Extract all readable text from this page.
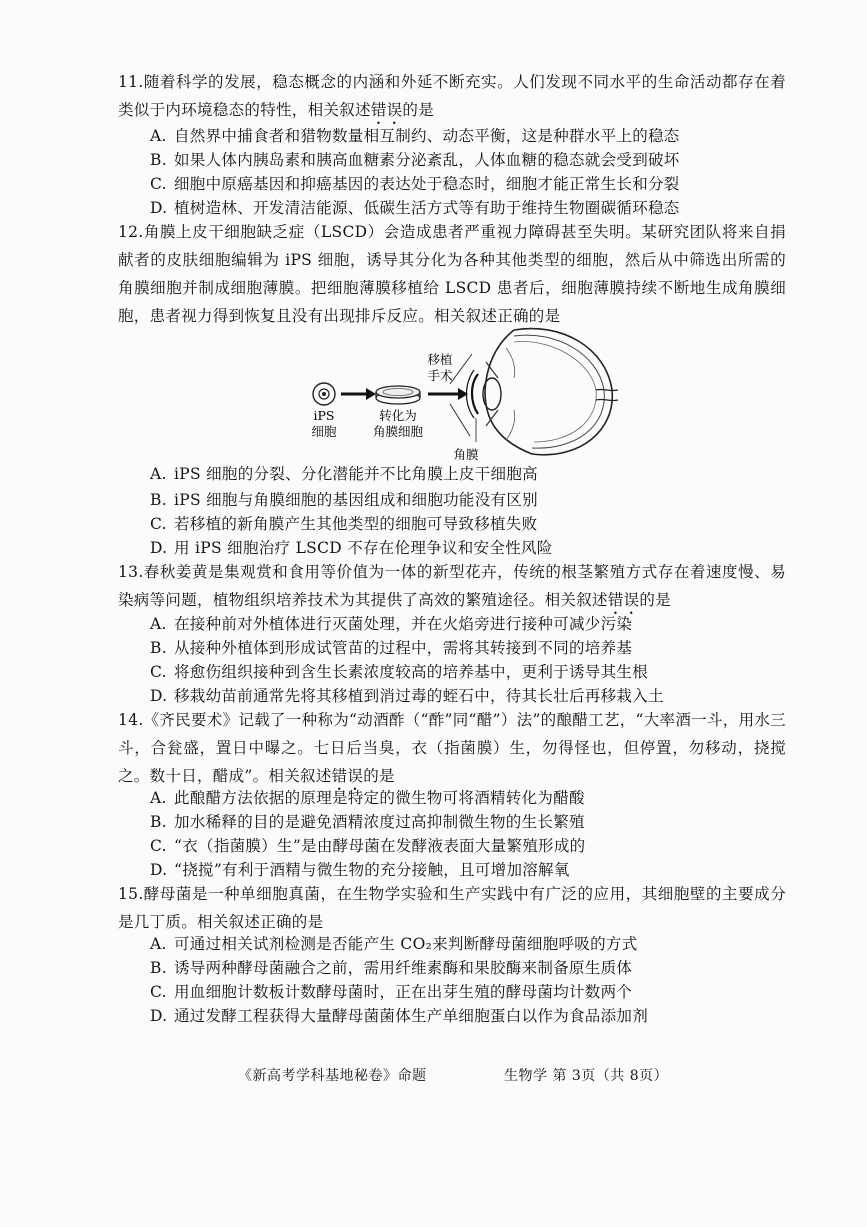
11.随着科学的发展，稳态概念的内涵和外延不断充实。人们发现不同水平的生命活动都存在着类似于内环境稳态的特性，相关叙述错误的是
A. 自然界中捕食者和猎物数量相互制约、动态平衡，这是种群水平上的稳态
B. 如果人体内胰岛素和胰高血糖素分泌紊乱，人体血糖的稳态就会受到破坏
C. 细胞中原癌基因和抑癌基因的表达处于稳态时，细胞才能正常生长和分裂
D. 植树造林、开发清洁能源、低碳生活方式等有助于维持生物圈碳循环稳态
12.角膜上皮干细胞缺乏症（LSCD）会造成患者严重视力障碍甚至失明。某研究团队将来自捐献者的皮肤细胞编辑为 iPS 细胞，诱导其分化为各种其他类型的细胞，然后从中筛选出所需的角膜细胞并制成细胞薄膜。把细胞薄膜移植给 LSCD 患者后，细胞薄膜持续不断地生成角膜细胞，患者视力得到恢复且没有出现排斥反应。相关叙述正确的是
iPS
细胞
转化为
角膜细胞
移植
手术
角膜
A. iPS 细胞的分裂、分化潜能并不比角膜上皮干细胞高
B. iPS 细胞与角膜细胞的基因组成和细胞功能没有区别
C. 若移植的新角膜产生其他类型的细胞可导致移植失败
D. 用 iPS 细胞治疗 LSCD 不存在伦理争议和安全性风险
13.春秋姜黄是集观赏和食用等价值为一体的新型花卉，传统的根茎繁殖方式存在着速度慢、易染病等问题，植物组织培养技术为其提供了高效的繁殖途径。相关叙述错误的是
A. 在接种前对外植体进行灭菌处理，并在火焰旁进行接种可减少污染
B. 从接种外植体到形成试管苗的过程中，需将其转接到不同的培养基
C. 将愈伤组织接种到含生长素浓度较高的培养基中，更利于诱导其生根
D. 移栽幼苗前通常先将其移植到消过毒的蛭石中，待其长壮后再移栽入土
14.《齐民要术》记载了一种称为“动酒酢（“酢”同“醋”）法”的酿醋工艺，“大率酒一斗，用水三斗，合瓮盛，置日中曝之。七日后当臭，衣（指菌膜）生，勿得怪也，但停置，勿移动，挠搅之。数十日，醋成”。相关叙述错误的是
A. 此酿醋方法依据的原理是特定的微生物可将酒精转化为醋酸
B. 加水稀释的目的是避免酒精浓度过高抑制微生物的生长繁殖
C. “衣（指菌膜）生”是由酵母菌在发酵液表面大量繁殖形成的
D. “挠搅”有利于酒精与微生物的充分接触，且可增加溶解氧
15.酵母菌是一种单细胞真菌，在生物学实验和生产实践中有广泛的应用，其细胞壁的主要成分是几丁质。相关叙述正确的是
A. 可通过相关试剂检测是否能产生 CO₂来判断酵母菌细胞呼吸的方式
B. 诱导两种酵母菌融合之前，需用纤维素酶和果胶酶来制备原生质体
C. 用血细胞计数板计数酵母菌时，正在出芽生殖的酵母菌均计数两个
D. 通过发酵工程获得大量酵母菌菌体生产单细胞蛋白以作为食品添加剂
《新高考学科基地秘卷》命题	生物学 第 3页（共 8页）
